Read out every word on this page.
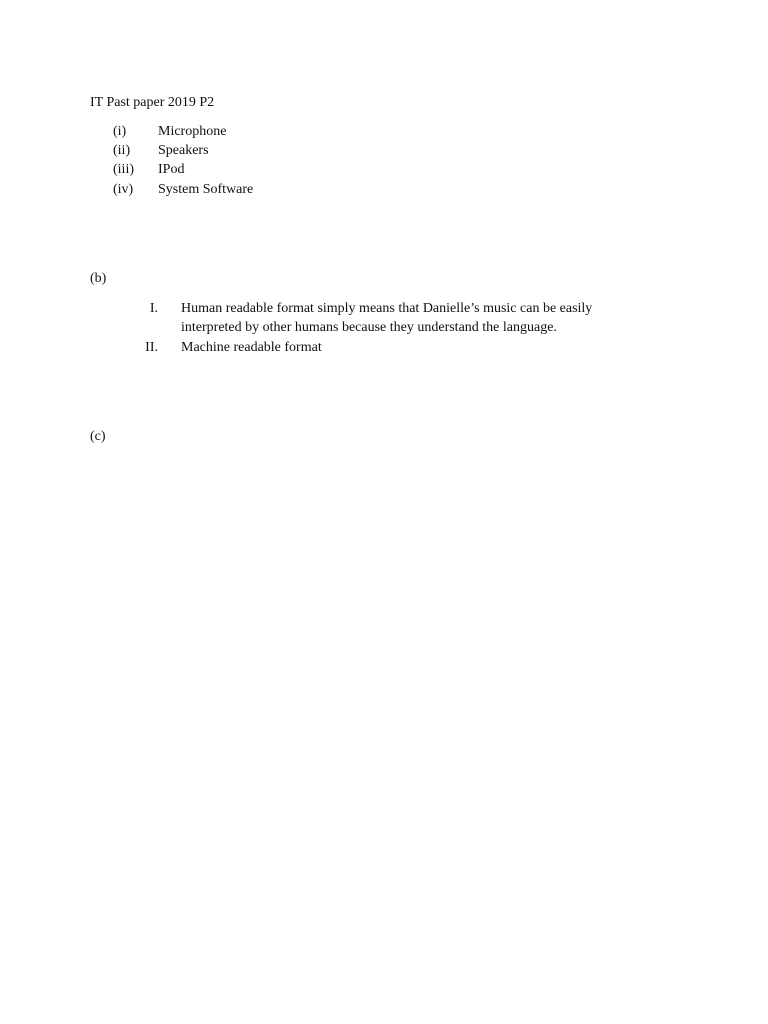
IT Past paper 2019 P2
(i) Microphone
(ii) Speakers
(iii) IPod
(iv) System Software
(b)
I. Human readable format simply means that Danielle’s music can be easily
interpreted by other humans because they understand the language.
II. Machine readable format
(c)
